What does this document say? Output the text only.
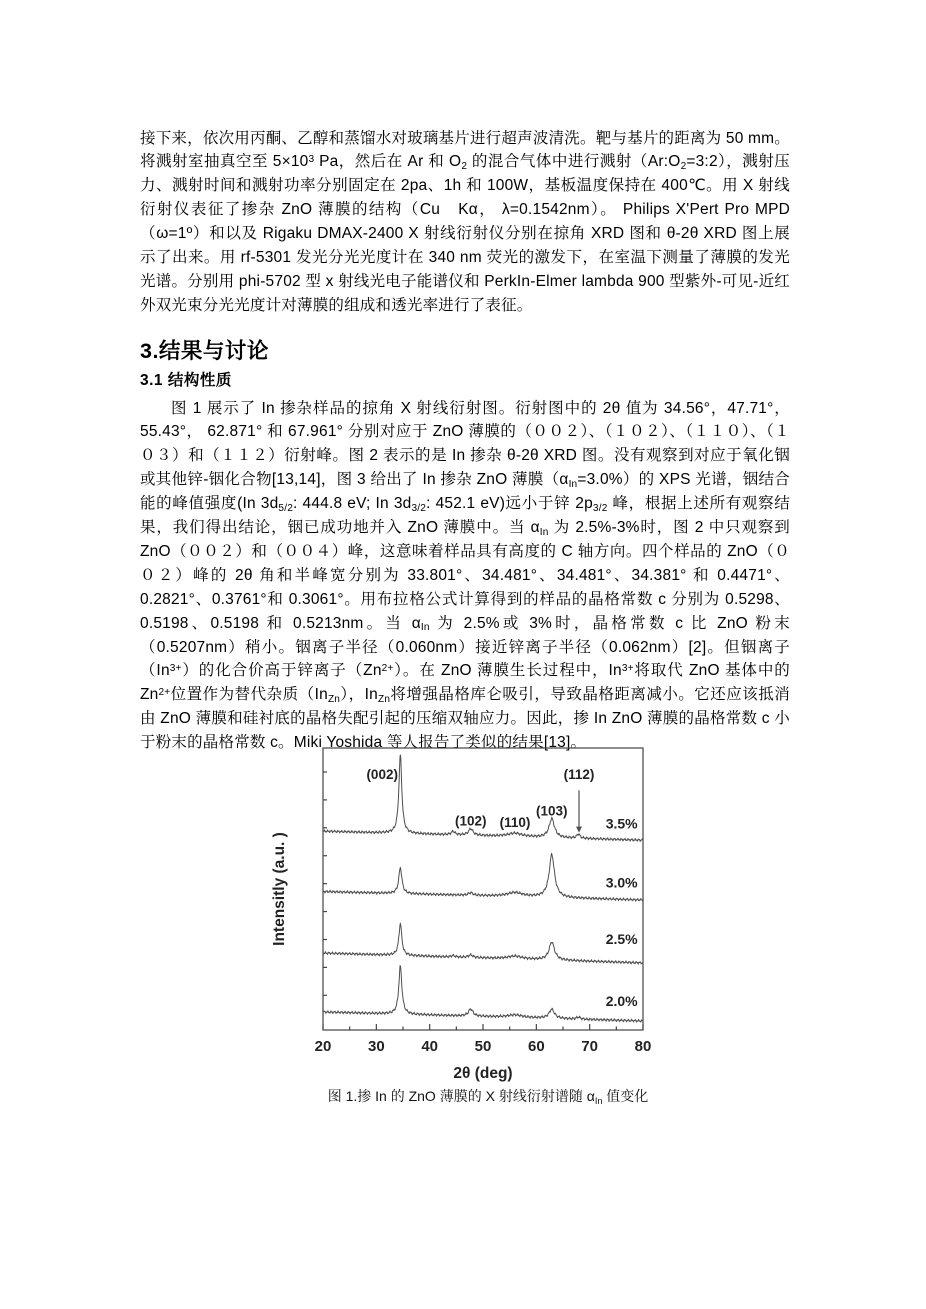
接下来，依次用丙酮、乙醇和蒸馏水对玻璃基片进行超声波清洗。靶与基片的距离为 50 mm。将溅射室抽真空至 $5\times 10^3$ Pa，然后在 Ar 和 $O_2$ 的混合气体中进行溅射$(Ar:O_2=3:2)$，溅射压力、溅射时间和溅射功率分别固定在 2pa、1h 和 100W，基板温度保持在 400℃。用 X 射线衍射仪表征了掺杂 ZnO 薄膜的结构（Cu　Kα， λ=0.1542nm）。 Philips X'Pert Pro MPD（ω=1º）和以及 Rigaku DMAX-2400 X 射线衍射仪分别在掠角 XRD 图和 θ-2θ XRD 图上展示了出来。用 rf-5301 发光分光光度计在 340 nm 荧光的激发下，在室温下测量了薄膜的发光光谱。分别用 phi-5702 型 x 射线光电子能谱仪和 PerkIn-Elmer lambda 900 型紫外-可见-近红外双光束分光光度计对薄膜的组成和透光率进行了表征。

3.结果与讨论
3.1 结构性质

图 1 展示了 In 掺杂样品的掠角 X 射线衍射图。衍射图中的 2θ 值为 34.56°，47.71°，55.43°， 62.871° 和 67.961° 分别对应于 ZnO 薄膜的（００２）、（１０２）、（１１０）、（１０３）和（１１２）衍射峰。图 2 表示的是 In 掺杂 θ-2θ XRD 图。没有观察到对应于氧化铟或其他锌-铟化合物[13,14]，图 3 给出了 In 掺杂 ZnO 薄膜$(\alpha_{In}=3.0\%)$的 XPS 光谱，铟结合能的峰值强度(In $3d_{5/2}$: 444.8 eV; In $3d_{3/2}$: 452.1 eV)远小于锌 $2p_{3/2}$ 峰，根据上述所有观察结果，我们得出结论，铟已成功地并入 ZnO 薄膜中。当 $\alpha_{In}$ 为 2.5%-3%时，图 2 中只观察到 ZnO（００２）和（００４）峰，这意味着样品具有高度的 C 轴方向。四个样品的 ZnO（００２）峰的 2θ 角和半峰宽分别为 33.801°、34.481°、34.481°、34.381° 和 0.4471°、0.2821°、0.3761°和 0.3061°。用布拉格公式计算得到的样品的晶格常数 c 分别为 0.5298、0.5198、0.5198 和 0.5213nm。当 $\alpha_{In}$ 为 2.5%或 3%时，晶格常数 c 比 ZnO 粉末（0.5207nm）稍小。铟离子半径（0.060nm）接近锌离子半径（0.062nm）[2]。但铟离子$(In^{3+})$的化合价高于锌离子$(Zn^{2+})$。在 ZnO 薄膜生长过程中，$In^{3+}$将取代 ZnO 基体中的 $Zn^{2+}$位置作为替代杂质$(In_{Zn})$，$In_{Zn}$将增强晶格库仑吸引，导致晶格距离减小。它还应该抵消由 ZnO 薄膜和硅衬底的晶格失配引起的压缩双轴应力。因此，掺 In ZnO 薄膜的晶格常数 c 小于粉末的晶格常数 c。Miki Yoshida 等人报告了类似的结果[13]。

20 30 40 50 60 70 80
3.5%
3.0%
2.5%
2.0%
(002)
(102) (110)
(103)
(112)
2θ (deg)
Intensitly (a.u. )
图 1.掺 In 的 ZnO 薄膜的 X 射线衍射谱随 $\alpha_{In}$ 值变化
